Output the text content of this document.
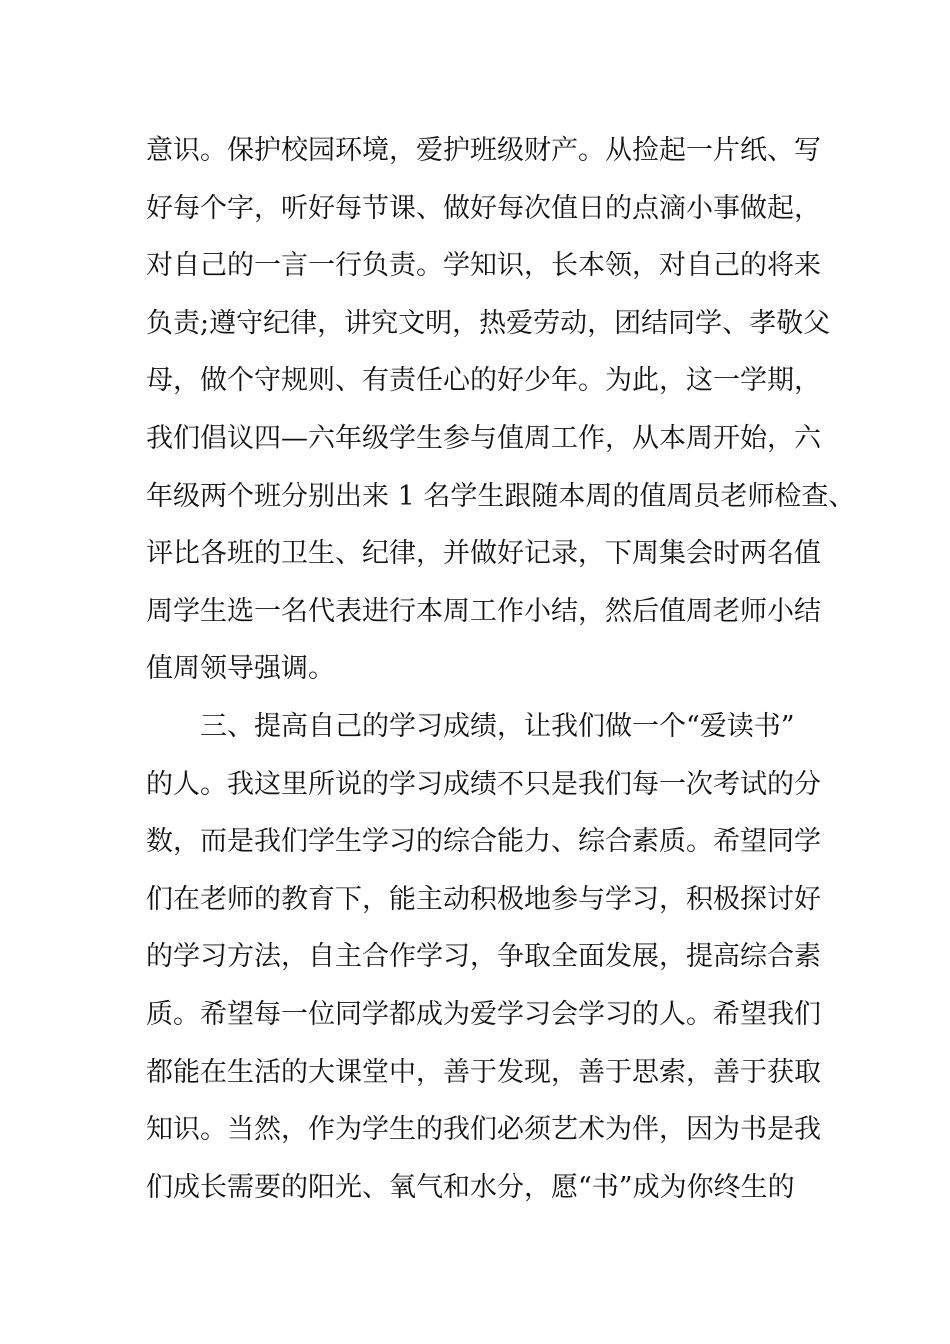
意识。保护校园环境，爱护班级财产。从捡起一片纸、写
好每个字，听好每节课、做好每次值日的点滴小事做起，
对自己的一言一行负责。学知识，长本领，对自己的将来
负责;遵守纪律，讲究文明，热爱劳动，团结同学、孝敬父
母，做个守规则、有责任心的好少年。为此，这一学期，
我们倡议四—六年级学生参与值周工作，从本周开始，六
年级两个班分别出来 1 名学生跟随本周的值周员老师检查、
评比各班的卫生、纪律，并做好记录，下周集会时两名值
周学生选一名代表进行本周工作小结，然后值周老师小结
值周领导强调。
　　三、提高自己的学习成绩，让我们做一个“爱读书”
的人。我这里所说的学习成绩不只是我们每一次考试的分
数，而是我们学生学习的综合能力、综合素质。希望同学
们在老师的教育下，能主动积极地参与学习，积极探讨好
的学习方法，自主合作学习，争取全面发展，提高综合素
质。希望每一位同学都成为爱学习会学习的人。希望我们
都能在生活的大课堂中，善于发现，善于思索，善于获取
知识。当然，作为学生的我们必须艺术为伴，因为书是我
们成长需要的阳光、氧气和水分，愿“书”成为你终生的
